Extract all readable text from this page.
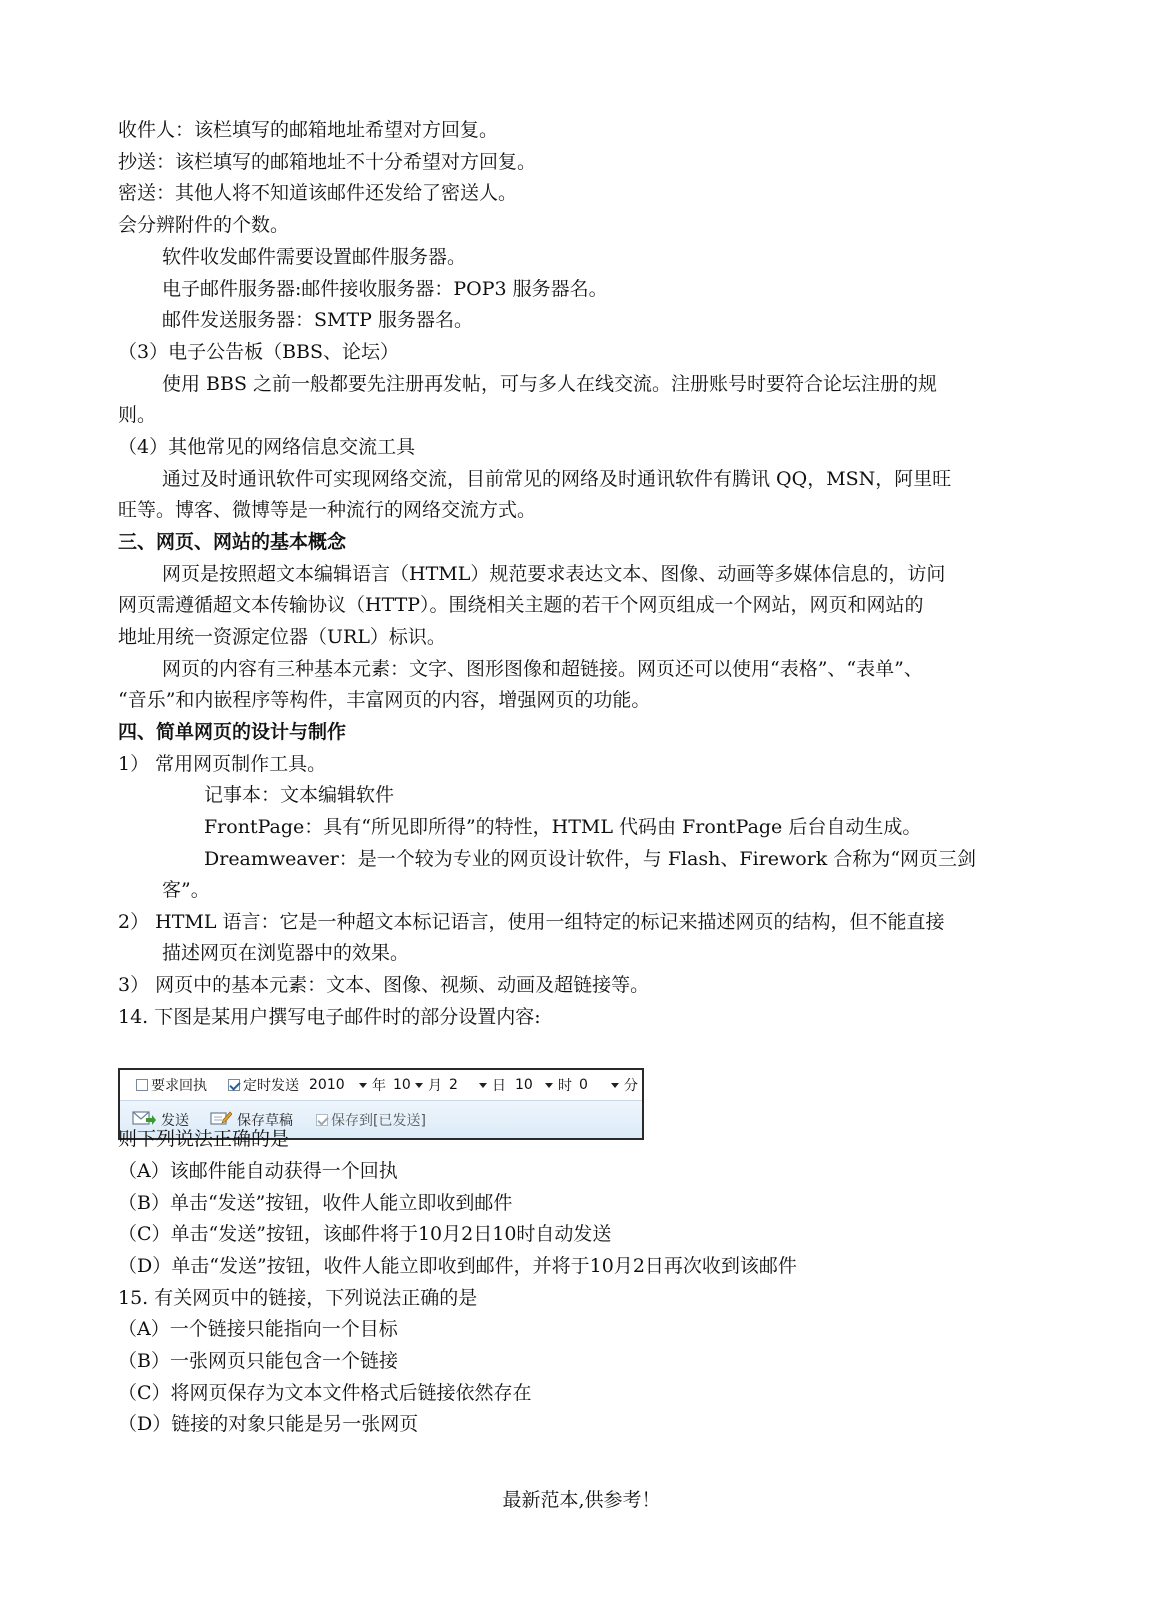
收件人：该栏填写的邮箱地址希望对方回复。
抄送：该栏填写的邮箱地址不十分希望对方回复。
密送：其他人将不知道该邮件还发给了密送人。
会分辨附件的个数。
软件收发邮件需要设置邮件服务器。
电子邮件服务器:邮件接收服务器：POP3 服务器名。
邮件发送服务器：SMTP 服务器名。
（3）电子公告板（BBS、论坛）
使用 BBS 之前一般都要先注册再发帖，可与多人在线交流。注册账号时要符合论坛注册的规
则。
（4）其他常见的网络信息交流工具
通过及时通讯软件可实现网络交流，目前常见的网络及时通讯软件有腾讯 QQ，MSN，阿里旺
旺等。博客、微博等是一种流行的网络交流方式。
三、网页、网站的基本概念
网页是按照超文本编辑语言（HTML）规范要求表达文本、图像、动画等多媒体信息的，访问
网页需遵循超文本传输协议（HTTP）。围绕相关主题的若干个网页组成一个网站，网页和网站的
地址用统一资源定位器（URL）标识。
网页的内容有三种基本元素：文字、图形图像和超链接。网页还可以使用“表格”、“表单”、
“音乐”和内嵌程序等构件，丰富网页的内容，增强网页的功能。
四、简单网页的设计与制作
1） 常用网页制作工具。
记事本：文本编辑软件
FrontPage：具有“所见即所得”的特性，HTML 代码由 FrontPage 后台自动生成。
Dreamweaver：是一个较为专业的网页设计软件，与 Flash、Firework 合称为“网页三剑
客”。
2） HTML 语言：它是一种超文本标记语言，使用一组特定的标记来描述网页的结构，但不能直接
描述网页在浏览器中的效果。
3） 网页中的基本元素：文本、图像、视频、动画及超链接等。
14. 下图是某用户撰写电子邮件时的部分设置内容:
要求回执	定时发送 2010 年 10 月 2 日 10 时 0	分
发送	保存草稿	保存到[已发送]
则下列说法正确的是
（A）该邮件能自动获得一个回执
（B）单击“发送”按钮，收件人能立即收到邮件
（C）单击“发送”按钮，该邮件将于10月2日10时自动发送
（D）单击“发送”按钮，收件人能立即收到邮件，并将于10月2日再次收到该邮件
15. 有关网页中的链接，下列说法正确的是
（A）一个链接只能指向一个目标
（B）一张网页只能包含一个链接
（C）将网页保存为文本文件格式后链接依然存在
（D）链接的对象只能是另一张网页
最新范本,供参考！
